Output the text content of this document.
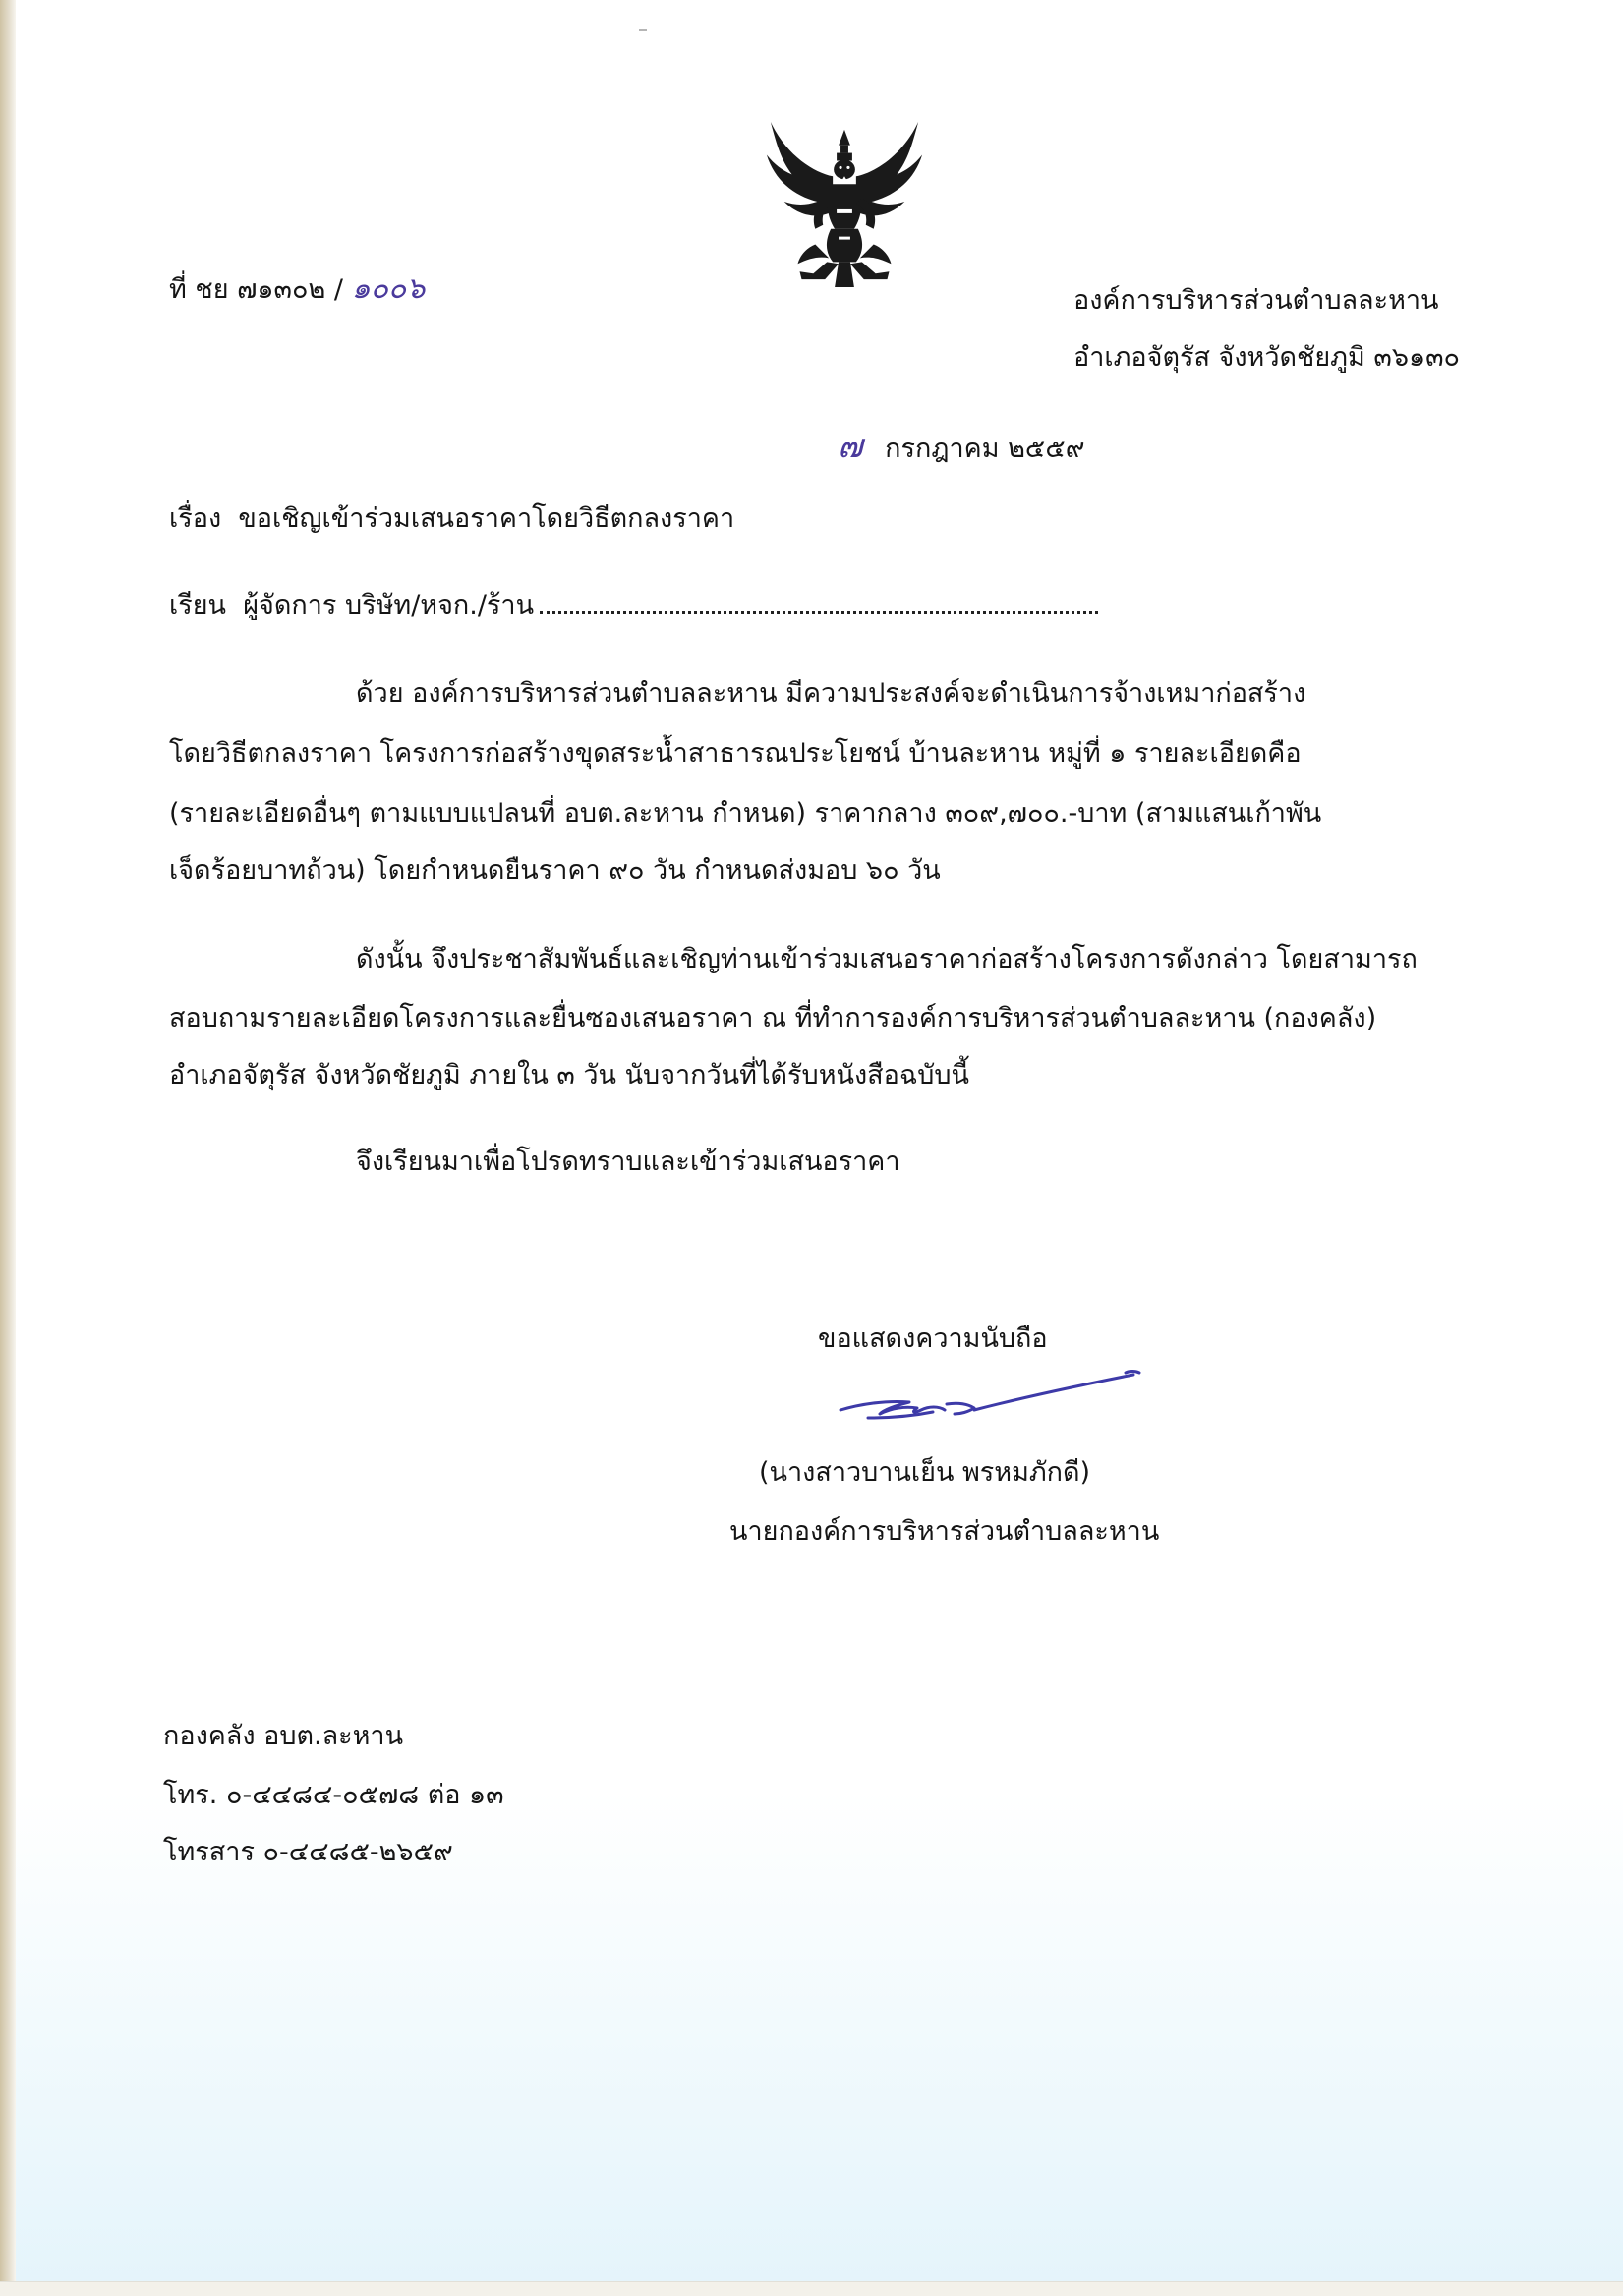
ที่ ชย ๗๑๓๐๒ / ๑๐๐๖	องค์การบริหารส่วนตำบลละหาน
อำเภอจัตุรัส จังหวัดชัยภูมิ ๓๖๑๓๐
๗ กรกฎาคม ๒๕๕๙
เรื่อง ขอเชิญเข้าร่วมเสนอราคาโดยวิธีตกลงราคา
เรียน ผู้จัดการ บริษัท/หจก./ร้าน
ด้วย องค์การบริหารส่วนตำบลละหาน มีความประสงค์จะดำเนินการจ้างเหมาก่อสร้าง
โดยวิธีตกลงราคา โครงการก่อสร้างขุดสระน้ำสาธารณประโยชน์ บ้านละหาน หมู่ที่ ๑ รายละเอียดคือ
(รายละเอียดอื่นๆ ตามแบบแปลนที่ อบต.ละหาน กำหนด) ราคากลาง ๓๐๙,๗๐๐.-บาท (สามแสนเก้าพัน
เจ็ดร้อยบาทถ้วน) โดยกำหนดยืนราคา ๙๐ วัน กำหนดส่งมอบ ๖๐ วัน
ดังนั้น จึงประชาสัมพันธ์และเชิญท่านเข้าร่วมเสนอราคาก่อสร้างโครงการดังกล่าว โดยสามารถ
สอบถามรายละเอียดโครงการและยื่นซองเสนอราคา ณ ที่ทำการองค์การบริหารส่วนตำบลละหาน (กองคลัง)
อำเภอจัตุรัส จังหวัดชัยภูมิ ภายใน ๓ วัน นับจากวันที่ได้รับหนังสือฉบับนี้
จึงเรียนมาเพื่อโปรดทราบและเข้าร่วมเสนอราคา
ขอแสดงความนับถือ
(นางสาวบานเย็น พรหมภักดี)
นายกองค์การบริหารส่วนตำบลละหาน
กองคลัง อบต.ละหาน
โทร. ๐-๔๔๘๔-๐๕๗๘ ต่อ ๑๓
โทรสาร ๐-๔๔๘๕-๒๖๕๙
